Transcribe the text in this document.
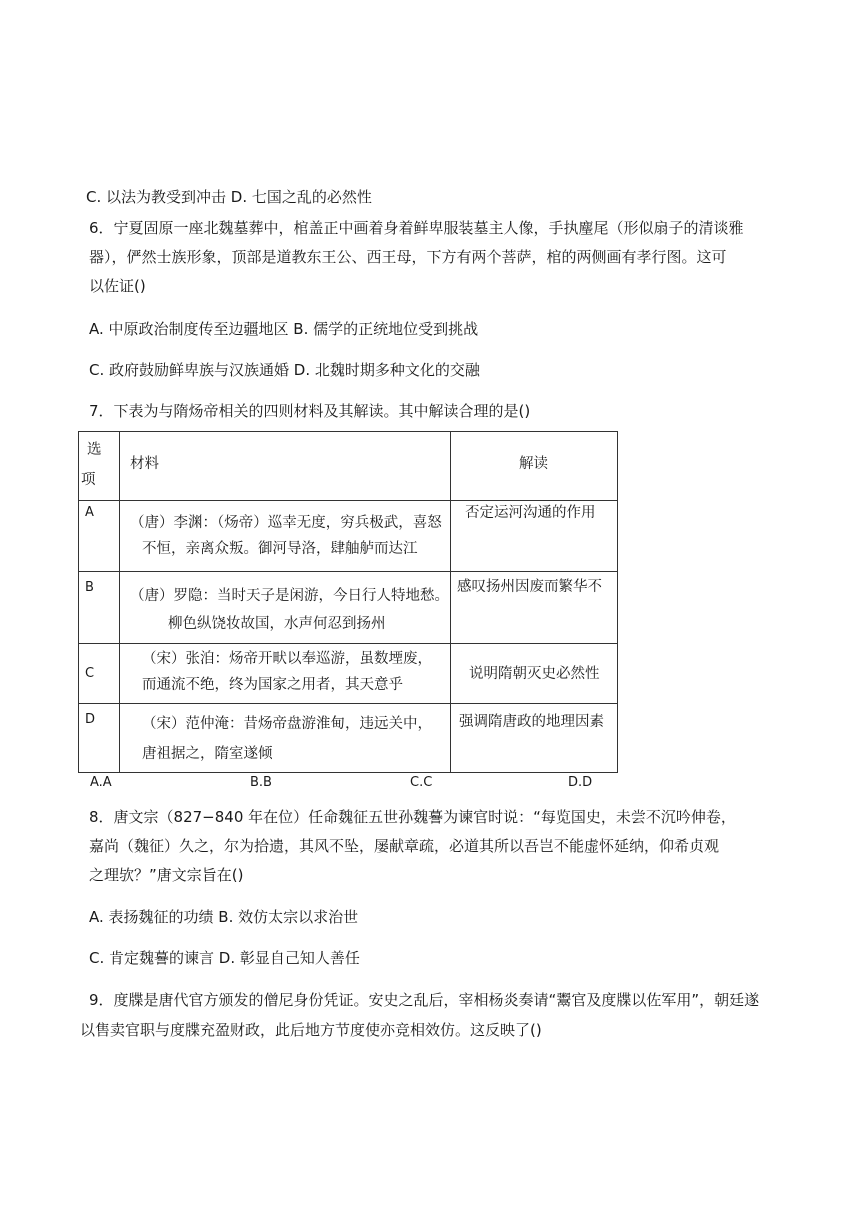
C. 以法为教受到冲击 D. 七国之乱的必然性
6．宁夏固原一座北魏墓葬中，棺盖正中画着身着鲜卑服装墓主人像，手执麈尾（形似扇子的清谈雅
器），俨然士族形象，顶部是道教东王公、西王母，下方有两个菩萨，棺的两侧画有孝行图。这可
以佐证()
A. 中原政治制度传至边疆地区 B. 儒学的正统地位受到挑战
C. 政府鼓励鲜卑族与汉族通婚 D. 北魏时期多种文化的交融
7．下表为与隋炀帝相关的四则材料及其解读。其中解读合理的是()
选
项	材料	解读

A	（唐）李渊：（炀帝）巡幸无度，穷兵极武，喜怒
不恒，亲离众叛。御河导洛，肆舳舻而达江	否定运河沟通的作用

B	（唐）罗隐：当时天子是闲游，今日行人特地愁。
柳色纵饶妆故国，水声何忍到扬州	感叹扬州因废而繁华不

C	（宋）张洎：炀帝开畎以奉巡游，虽数堙废，
而通流不绝，终为国家之用者，其天意乎	说明隋朝灭史必然性

D	（宋）范仲淹：昔炀帝盘游淮甸，违远关中，
唐祖据之，隋室遂倾	强调隋唐政的地理因素
A.A	B.B	C.C	D.D
8．唐文宗（827−840 年在位）任命魏征五世孙魏謩为谏官时说：“每览国史，未尝不沉吟伸卷，
嘉尚（魏征）久之，尔为拾遗，其风不坠，屡献章疏，必道其所以吾岂不能虚怀延纳，仰希贞观
之理欤？”唐文宗旨在()
A. 表扬魏征的功绩 B. 效仿太宗以求治世
C. 肯定魏謩的谏言 D. 彰显自己知人善任
9．度牒是唐代官方颁发的僧尼身份凭证。安史之乱后，宰相杨炎奏请“鬻官及度牒以佐军用”，朝廷遂
以售卖官职与度牒充盈财政，此后地方节度使亦竞相效仿。这反映了()
